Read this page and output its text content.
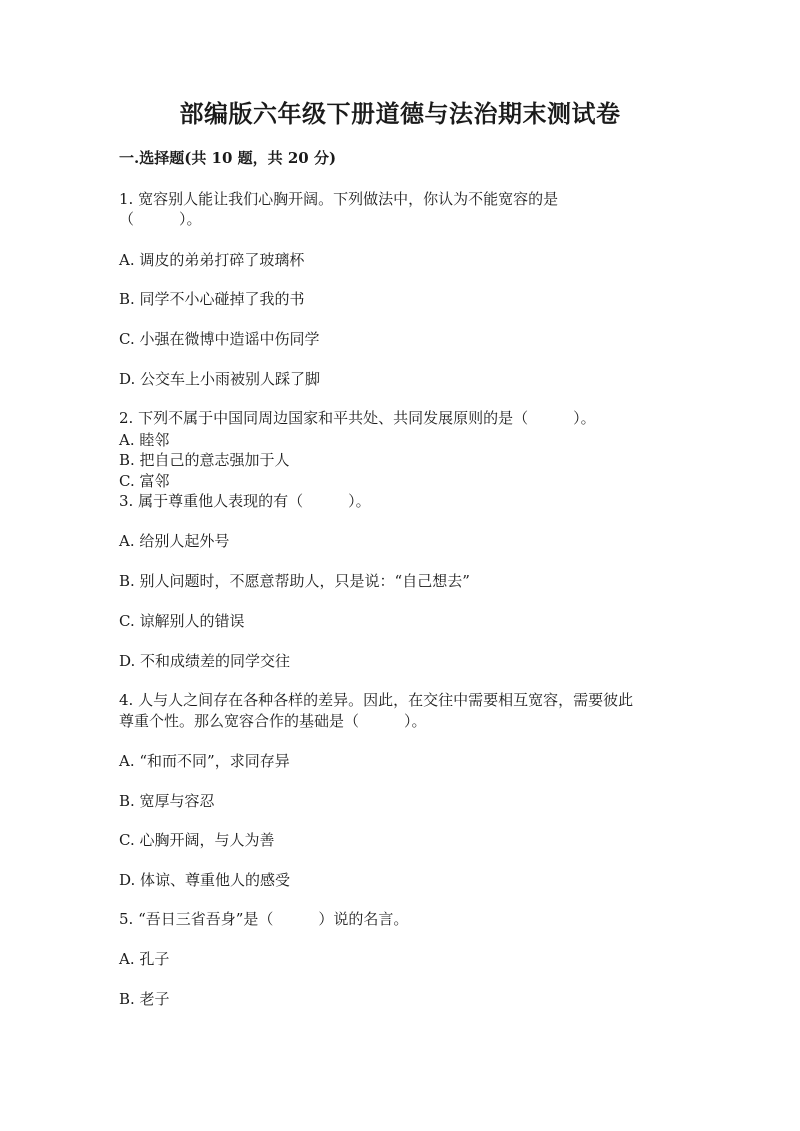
部编版六年级下册道德与法治期末测试卷
一.选择题(共 10 题，共 20 分)
1. 宽容别人能让我们心胸开阔。下列做法中，你认为不能宽容的是
（　　　）。
A. 调皮的弟弟打碎了玻璃杯
B. 同学不小心碰掉了我的书
C. 小强在微博中造谣中伤同学
D. 公交车上小雨被别人踩了脚
2. 下列不属于中国同周边国家和平共处、共同发展原则的是（　　　）。
A. 睦邻
B. 把自己的意志强加于人
C. 富邻
3. 属于尊重他人表现的有（　　　）。
A. 给别人起外号
B. 别人问题时，不愿意帮助人，只是说：“自己想去”
C. 谅解别人的错误
D. 不和成绩差的同学交往
4. 人与人之间存在各种各样的差异。因此，在交往中需要相互宽容，需要彼此
尊重个性。那么宽容合作的基础是（　　　）。
A. “和而不同”，求同存异
B. 宽厚与容忍
C. 心胸开阔，与人为善
D. 体谅、尊重他人的感受
5. “吾日三省吾身”是（　　　）说的名言。
A. 孔子
B. 老子
